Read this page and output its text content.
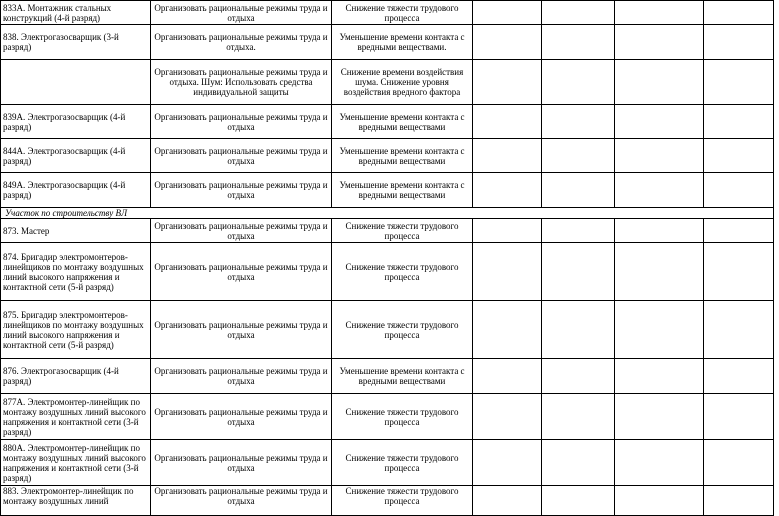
833А. Монтажник стальных конструкций (4-й разряд)	Организовать рациональные режимы труда и отдыха	Снижение тяжести трудового процесса				
838. Электрогазосварщик (3-й разряд)	Организовать рациональные режимы труда и отдыха.	Уменьшение времени контакта с вредными веществами.				
	Организовать рациональные режимы труда и отдыха. Шум: Использовать средства индивидуальной защиты	Снижение времени воздействия шума. Снижение уровня воздействия вредного фактора				
839А. Электрогазосварщик (4-й разряд)	Организовать рациональные режимы труда и отдыха	Уменьшение времени контакта с вредными веществами				
844А. Электрогазосварщик (4-й разряд)	Организовать рациональные режимы труда и отдыха	Уменьшение времени контакта с вредными веществами				
849А. Электрогазосварщик (4-й разряд)	Организовать рациональные режимы труда и отдыха	Уменьшение времени контакта с вредными веществами				
Участок по строительству ВЛ						
873. Мастер	Организовать рациональные режимы труда и отдыха	Снижение тяжести трудового процесса				
874. Бригадир электромонтеров-линейщиков по монтажу воздушных линий высокого напряжения и контактной сети (5-й разряд)	Организовать рациональные режимы труда и отдыха	Снижение тяжести трудового процесса				
875. Бригадир электромонтеров-линейщиков по монтажу воздушных линий высокого напряжения и контактной сети (5-й разряд)	Организовать рациональные режимы труда и отдыха	Снижение тяжести трудового процесса				
876. Электрогазосварщик (4-й разряд)	Организовать рациональные режимы труда и отдыха	Уменьшение времени контакта с вредными веществами				
877А. Электромонтер-линейщик по монтажу воздушных линий высокого напряжения и контактной сети (3-й разряд)	Организовать рациональные режимы труда и отдыха	Снижение тяжести трудового процесса				
880А. Электромонтер-линейщик по монтажу воздушных линий высокого напряжения и контактной сети (3-й разряд)	Организовать рациональные режимы труда и отдыха	Снижение тяжести трудового процесса				
883. Электромонтер-линейщик по монтажу воздушных линий	Организовать рациональные режимы труда и отдыха	Снижение тяжести трудового процесса				
